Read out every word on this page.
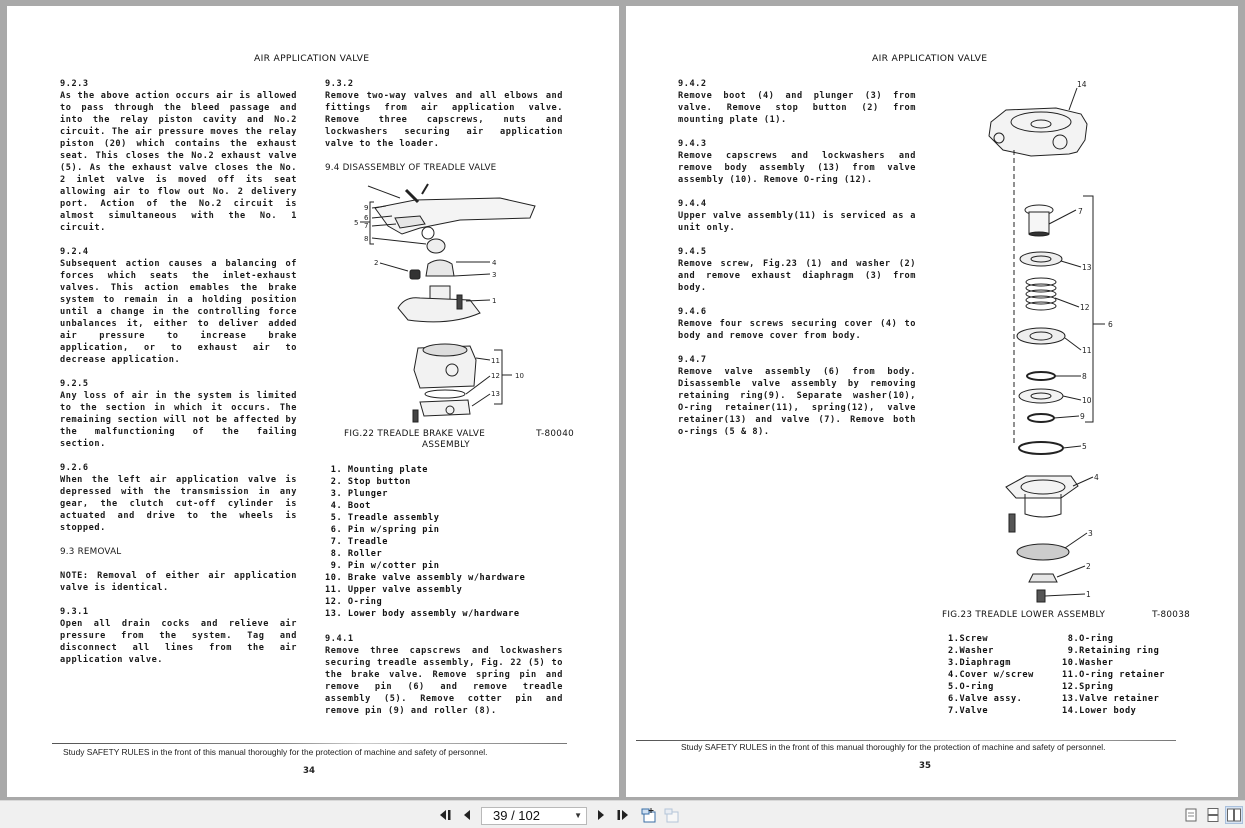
AIR APPLICATION VALVE

9.2.3
As the above action occurs air is allowed to pass through the bleed passage and into the relay piston cavity and No.2 circuit. The air pressure moves the relay piston (20) which contains the exhaust seat. This closes the No.2 exhaust valve (5). As the exhaust valve closes the No. 2 inlet valve is moved off its seat allowing air to flow out No. 2 delivery port. Action of the No.2 circuit is almost simultaneous with the No. 1 circuit.

9.2.4
Subsequent action causes a balancing of forces which seats the inlet-exhaust valves. This action emables the brake system to remain in a holding position until a change in the controlling force unbalances it, either to deliver added air pressure to increase brake application, or to exhaust air to decrease application.

9.2.5
Any loss of air in the system is limited to the section in which it occurs. The remaining section will not be affected by the malfunctioning of the failing section.

9.2.6
When the left air application valve is depressed with the transmission in any gear, the clutch cut-off cylinder is actuated and drive to the wheels is stopped.

9.3 REMOVAL

NOTE: Removal of either air application valve is identical.

9.3.1
Open all drain cocks and relieve air pressure from the system. Tag and disconnect all lines from the air application valve.

9.3.2
Remove two-way valves and all elbows and fittings from air application valve. Remove three capscrews, nuts and lockwashers securing air application valve to the loader.

9.4 DISASSEMBLY OF TREADLE VALVE
9
6
7
8
5
2	4
3
1
11
12
13
10
FIG.22 TREADLE BRAKE VALVE	T-80040
ASSEMBLY
1. Mounting plate
2. Stop button
3. Plunger
4. Boot
5. Treadle assembly
6. Pin w/spring pin
7. Treadle
8. Roller
9. Pin w/cotter pin
10. Brake valve assembly w/hardware
11. Upper valve assembly
12. O-ring
13. Lower body assembly w/hardware

9.4.1
Remove three capscrews and lockwashers securing treadle assembly, Fig. 22 (5) to the brake valve. Remove spring pin and remove pin (6) and remove treadle assembly (5). Remove cotter pin and remove pin (9) and roller (8).

Study SAFETY RULES in the front of this manual thoroughly for the protection of machine and safety of personnel.
34
AIR APPLICATION VALVE

9.4.2
Remove boot (4) and plunger (3) from valve. Remove stop button (2) from mounting plate (1).

9.4.3
Remove capscrews and lockwashers and remove body assembly (13) from valve assembly (10). Remove O-ring (12).

9.4.4
Upper valve assembly(11) is serviced as a unit only.

9.4.5
Remove screw, Fig.23 (1) and washer (2) and remove exhaust diaphragm (3) from body.

9.4.6
Remove four screws securing cover (4) to body and remove cover from body.

9.4.7
Remove valve assembly (6) from body. Disassemble valve assembly by removing retaining ring(9). Separate washer(10), O-ring retainer(11), spring(12), valve retainer(13) and valve (7). Remove both o-rings (5 & 8).

14
7
13
12
6
11
8
10
9
5
4
3
2
1
FIG.23 TREADLE LOWER ASSEMBLY	T-80038
1.Screw
2.Washer
3.Diaphragm
4.Cover w/screw
5.O-ring
6.Valve assy.
7.Valve
8.O-ring
9.Retaining ring
10.Washer
11.O-ring retainer
12.Spring
13.Valve retainer
14.Lower body
Study SAFETY RULES in the front of this manual thoroughly for the protection of machine and safety of personnel.
35
39 / 102	▼
